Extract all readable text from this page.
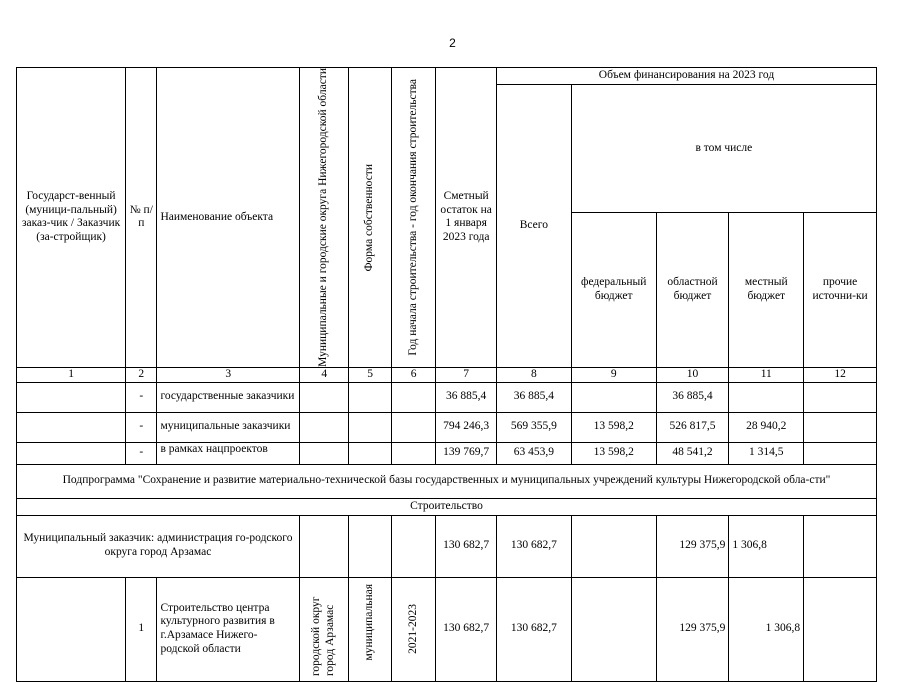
2
Государст-венный (муници-пальный) заказ-чик / Заказчик (за-стройщик)	№ п/п	Наименование объекта	Муниципальные и городские округа Нижегородской области	Форма собственности	Год начала строительства - год окончания строительства	Сметный остаток на 1 января 2023 года	Объем финансирования на 2023 год				
							Всего	в том числе			
								федеральный бюджет	областной бюджет	местный бюджет	прочие источни-ки
1	2	3	4	5	6	7	8	9	10	11	12
	-	государственные заказчики				36 885,4	36 885,4		36 885,4		
	-	муниципальные заказчики				794 246,3	569 355,9	13 598,2	526 817,5	28 940,2	
	-	в рамках нацпроектов				139 769,7	63 453,9	13 598,2	48 541,2	1 314,5	
Подпрограмма "Сохранение и развитие материально-технической базы государственных и муниципальных учреждений культуры Нижегородской обла-сти"											
Строительство											
Муниципальный заказчик: администрация го-родского округа город Арзамас						130 682,7	130 682,7		129 375,9	1 306,8	
	1	Строительство центра культурного развития в г.Арзамасе Нижего-родской области	городской округ город Арзамас	муниципальная	2021-2023	130 682,7	130 682,7		129 375,9	1 306,8	
